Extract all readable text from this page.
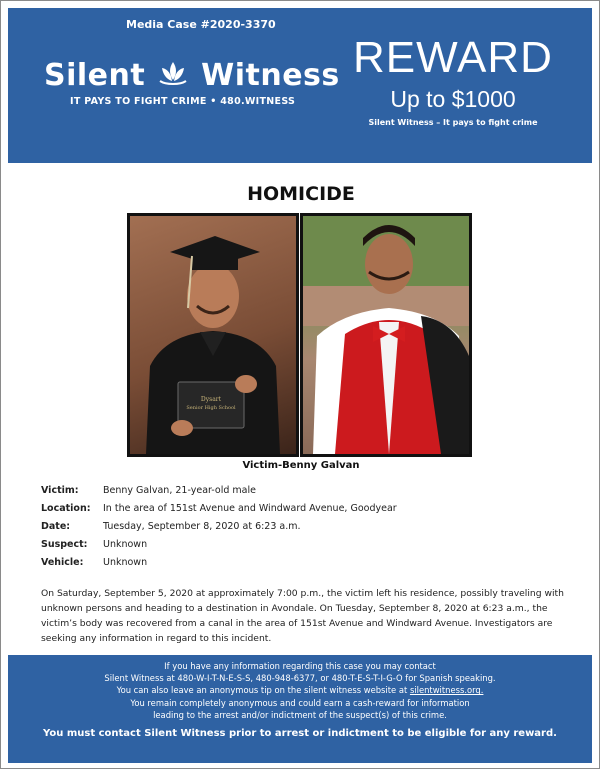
Media Case #2020-3370
Silent Witness
IT PAYS TO FIGHT CRIME • 480.WITNESS
REWARD
Up to $1000
Silent Witness – It pays to fight crime
HOMICIDE
Dysart
Senior High School
Victim-Benny Galvan
Victim:	Benny Galvan, 21-year-old male
Location:	In the area of 151st Avenue and Windward Avenue, Goodyear
Date:	Tuesday, September 8, 2020 at 6:23 a.m.
Suspect:	Unknown
Vehicle:	Unknown
On Saturday, September 5, 2020 at approximately 7:00 p.m., the victim left his residence, possibly traveling with unknown persons and heading to a destination in Avondale. On Tuesday, September 8, 2020 at 6:23 a.m., the victim’s body was recovered from a canal in the area of 151st Avenue and Windward Avenue. Investigators are seeking any information in regard to this incident.
If you have any information regarding this case you may contact
Silent Witness at 480-W-I-T-N-E-S-S, 480-948-6377, or 480-T-E-S-T-I-G-O for Spanish speaking.
You can also leave an anonymous tip on the silent witness website at silentwitness.org.
You remain completely anonymous and could earn a cash-reward for information
leading to the arrest and/or indictment of the suspect(s) of this crime.
You must contact Silent Witness prior to arrest or indictment to be eligible for any reward.
